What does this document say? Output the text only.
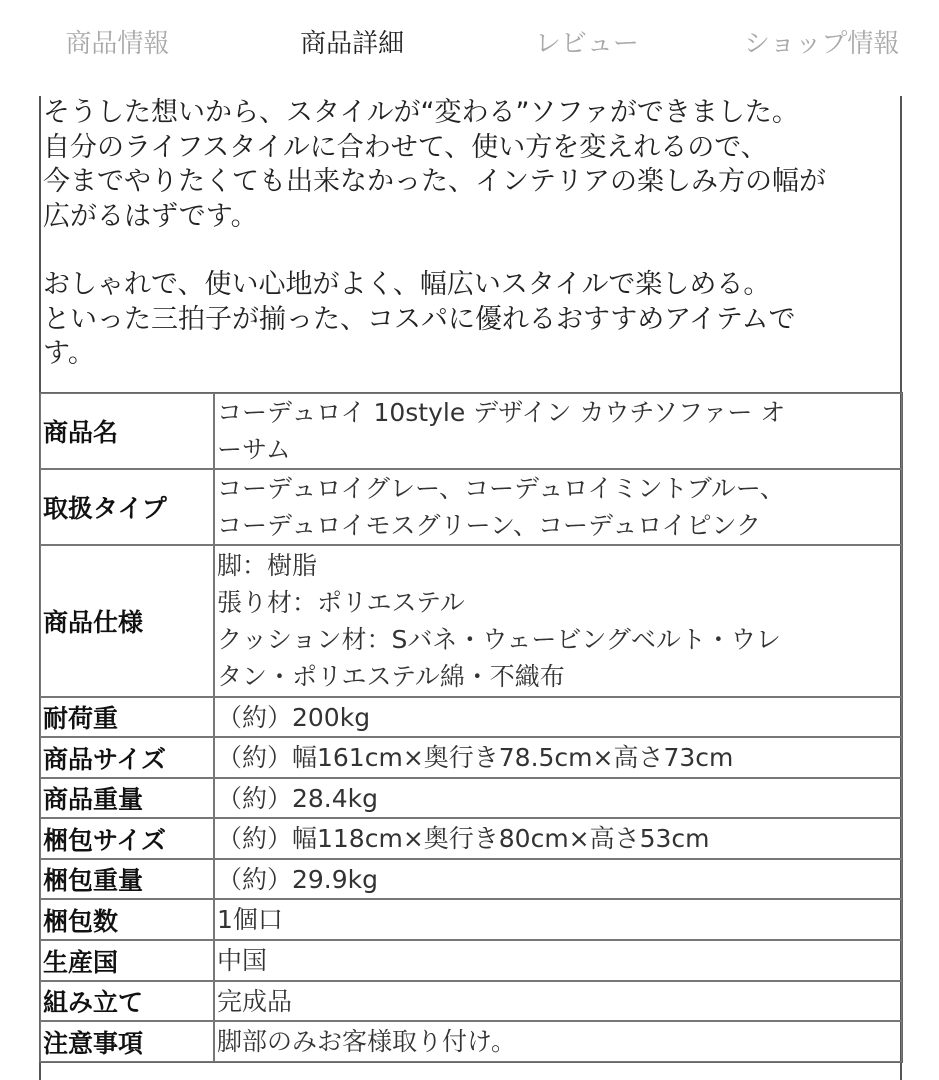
商品情報	商品詳細	レビュー	ショップ情報

そうした想いから、スタイルが“変わる”ソファができました。

自分のライフスタイルに合わせて、使い方を変えれるので、

今までやりたくても出来なかった、インテリアの楽しみ方の幅が

広がるはずです。

おしゃれで、使い心地がよく、幅広いスタイルで楽しめる。

といった三拍子が揃った、コスパに優れるおすすめアイテムで

す。

商品名	コーデュロイ 10style デザイン カウチソファー オ
ーサム

取扱タイプ	コーデュロイグレー、コーデュロイミントブルー、
コーデュロイモスグリーン、コーデュロイピンク

商品仕様	脚：樹脂
張り材：ポリエステル
クッション材：Sバネ・ウェービングベルト・ウレ
タン・ポリエステル綿・不織布

耐荷重	（約）200kg
商品サイズ	（約）幅161cm×奥行き78.5cm×高さ73cm
商品重量	（約）28.4kg
梱包サイズ	（約）幅118cm×奥行き80cm×高さ53cm
梱包重量	（約）29.9kg
梱包数	1個口
生産国	中国
組み立て	完成品
注意事項	脚部のみお客様取り付け。
